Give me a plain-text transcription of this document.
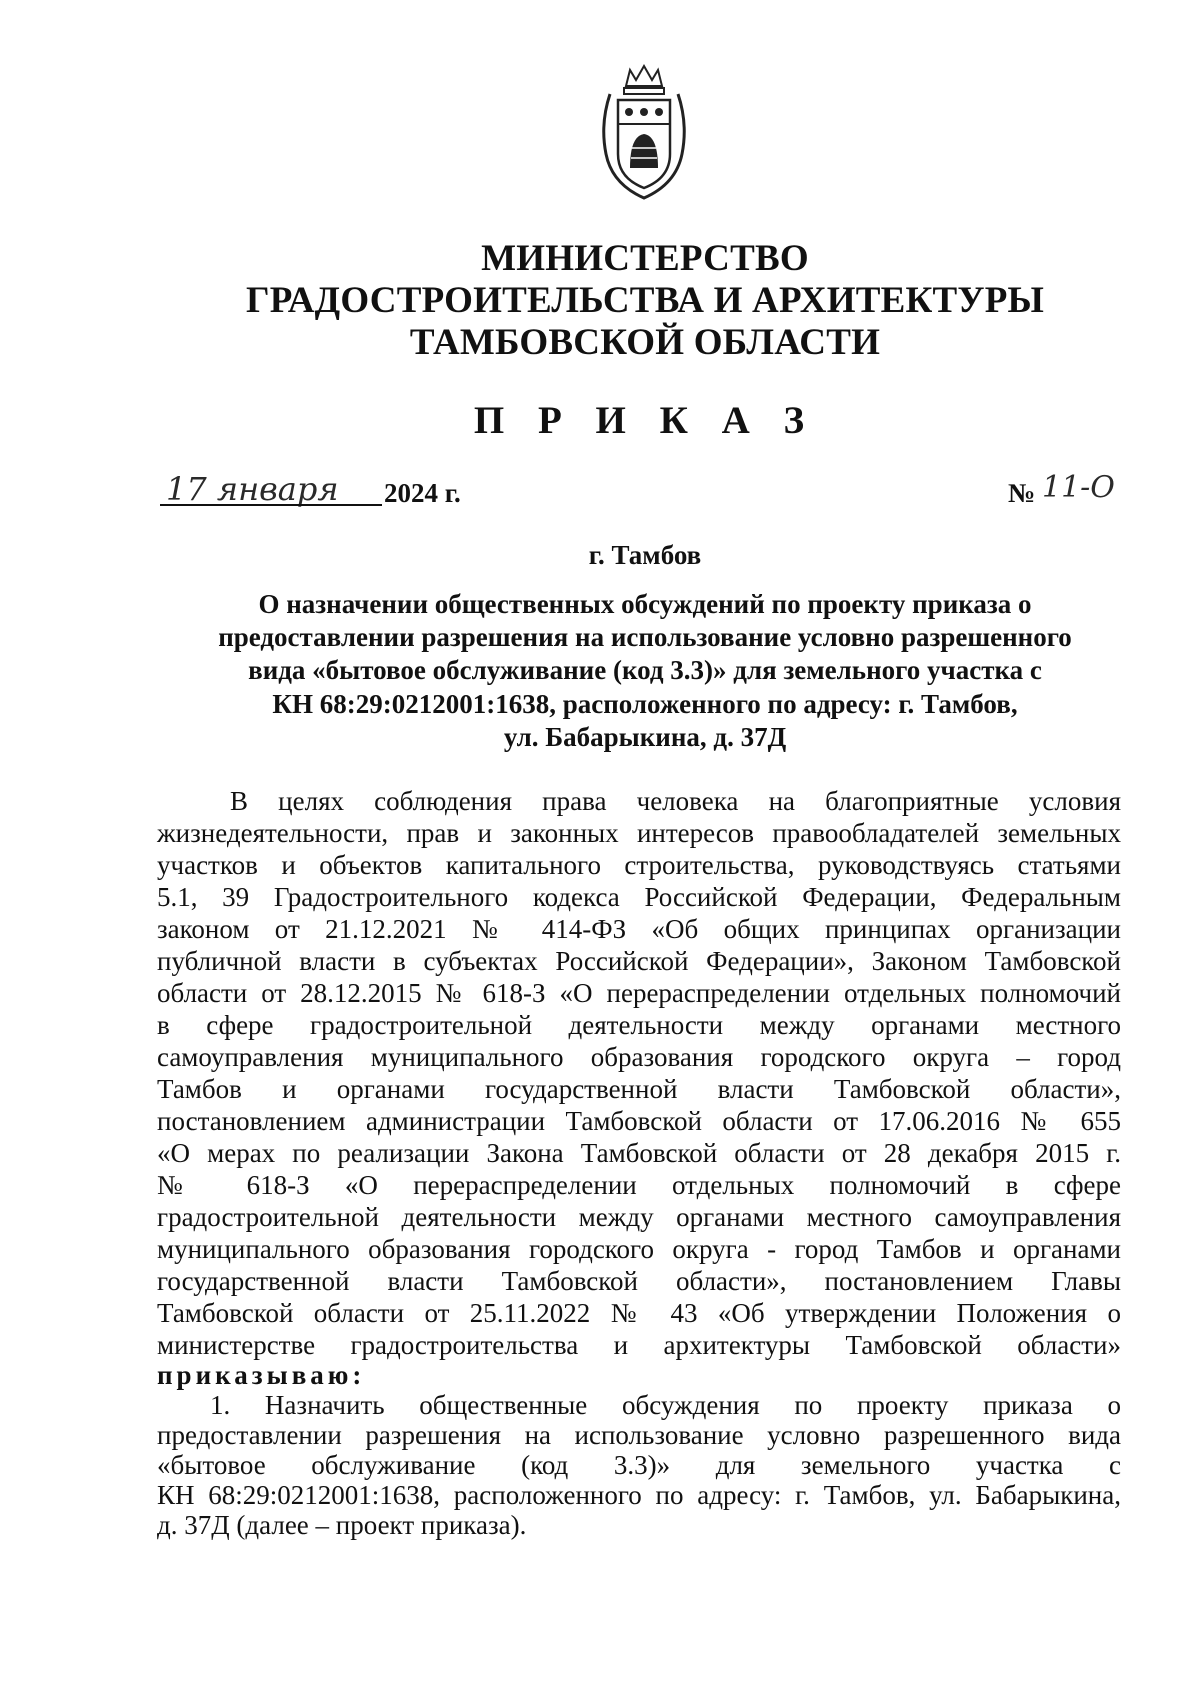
МИНИСТЕРСТВО
ГРАДОСТРОИТЕЛЬСТВА И АРХИТЕКТУРЫ
ТАМБОВСКОЙ ОБЛАСТИ
П Р И К А З
17 января 2024 г.	№ 11-О
г. Тамбов
О назначении общественных обсуждений по проекту приказа о
предоставлении разрешения на использование условно разрешенного
вида «бытовое обслуживание (код 3.3)» для земельного участка с
КН 68:29:0212001:1638, расположенного по адресу: г. Тамбов,
ул. Бабарыкина, д. 37Д
В целях соблюдения права человека на благоприятные условия
жизнедеятельности, прав и законных интересов правообладателей земельных
участков и объектов капитального строительства, руководствуясь статьями
5.1, 39 Градостроительного кодекса Российской Федерации, Федеральным
законом от 21.12.2021 № 414-ФЗ «Об общих принципах организации
публичной власти в субъектах Российской Федерации», Законом Тамбовской
области от 28.12.2015 № 618-З «О перераспределении отдельных полномочий
в сфере градостроительной деятельности между органами местного
самоуправления муниципального образования городского округа – город
Тамбов и органами государственной власти Тамбовской области»,
постановлением администрации Тамбовской области от 17.06.2016 № 655
«О мерах по реализации Закона Тамбовской области от 28 декабря 2015 г.
№ 618-З «О перераспределении отдельных полномочий в сфере
градостроительной деятельности между органами местного самоуправления
муниципального образования городского округа - город Тамбов и органами
государственной власти Тамбовской области», постановлением Главы
Тамбовской области от 25.11.2022 № 43 «Об утверждении Положения о
министерстве градостроительства и архитектуры Тамбовской области»
приказываю:
1. Назначить общественные обсуждения по проекту приказа о
предоставлении разрешения на использование условно разрешенного вида
«бытовое обслуживание (код 3.3)» для земельного участка с
КН 68:29:0212001:1638, расположенного по адресу: г. Тамбов, ул. Бабарыкина,
д. 37Д (далее – проект приказа).
